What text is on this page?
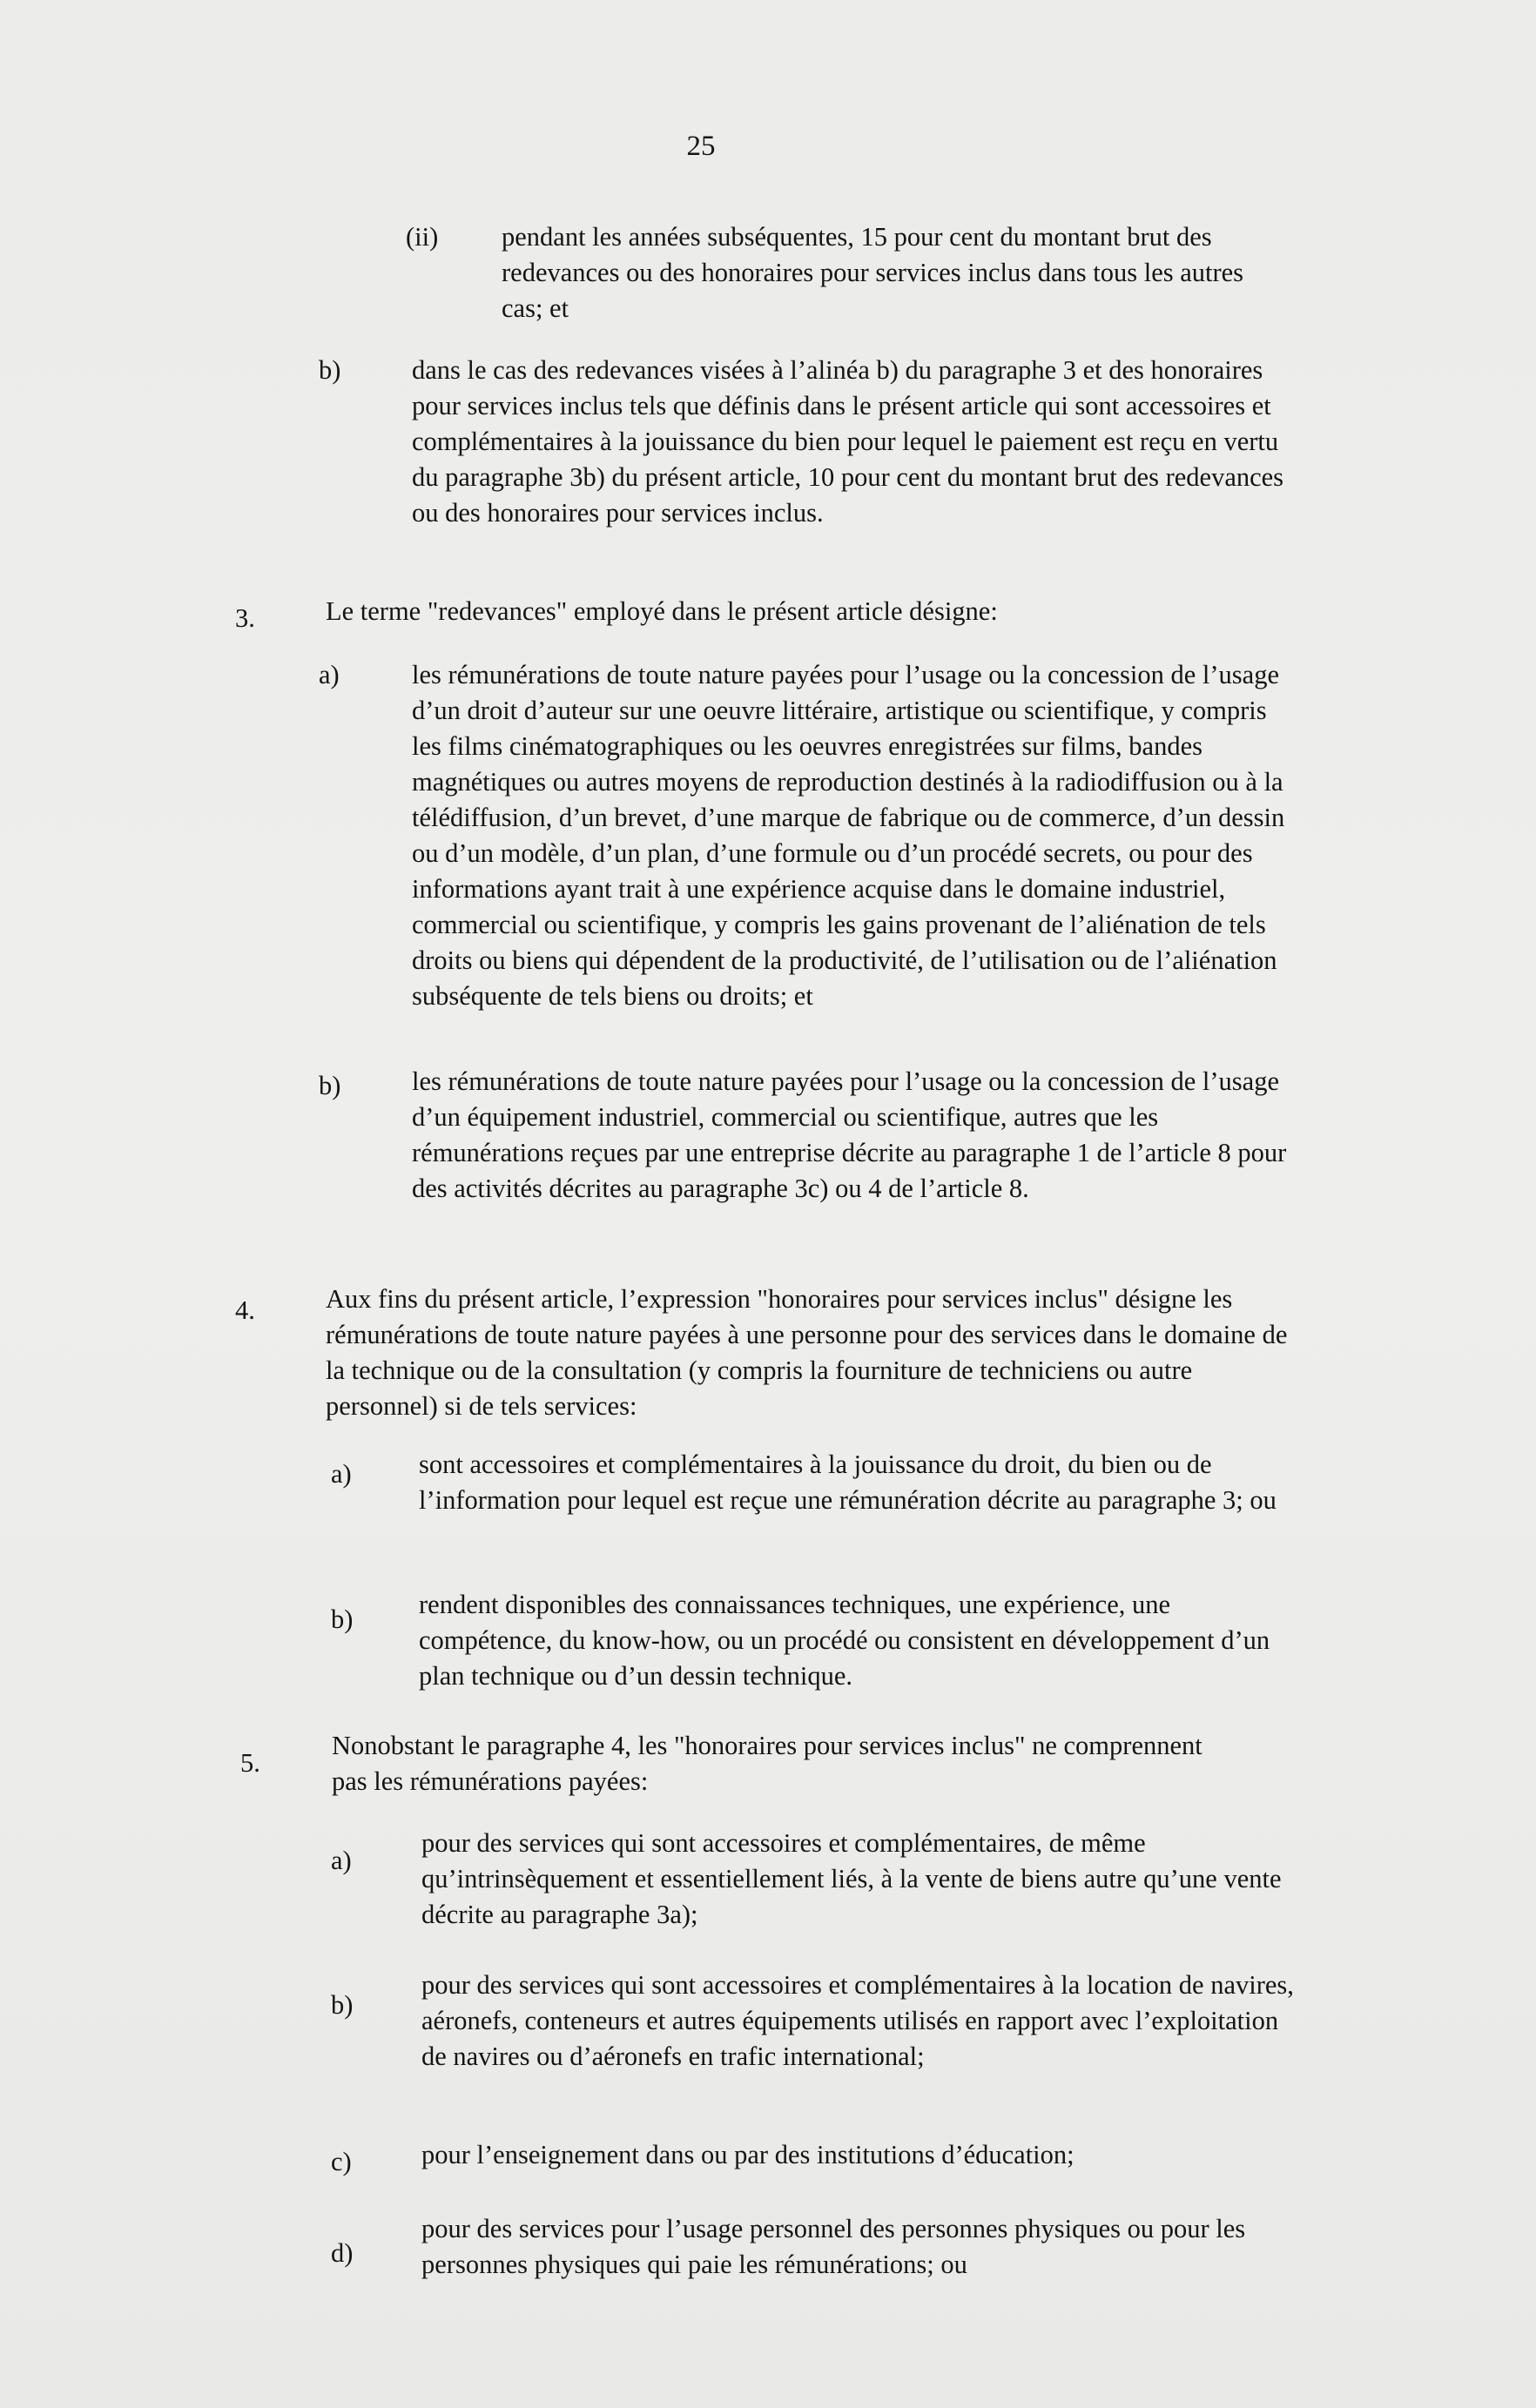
25
(ii) pendant les années subséquentes, 15 pour cent du montant brut des redevances ou des honoraires pour services inclus dans tous les autres cas; et
b)	dans le cas des redevances visées à l’alinéa b) du paragraphe 3 et des honoraires pour services inclus tels que définis dans le présent article qui sont accessoires et complémentaires à la jouissance du bien pour lequel le paiement est reçu en vertu du paragraphe 3b) du présent article, 10 pour cent du montant brut des redevances ou des honoraires pour services inclus.
3.	Le terme "redevances" employé dans le présent article désigne:
a)	les rémunérations de toute nature payées pour l’usage ou la concession de l’usage d’un droit d’auteur sur une oeuvre littéraire, artistique ou scientifique, y compris les films cinématographiques ou les oeuvres enregistrées sur films, bandes magnétiques ou autres moyens de reproduction destinés à la radiodiffusion ou à la télédiffusion, d’un brevet, d’une marque de fabrique ou de commerce, d’un dessin ou d’un modèle, d’un plan, d’une formule ou d’un procédé secrets, ou pour des informations ayant trait à une expérience acquise dans le domaine industriel, commercial ou scientifique, y compris les gains provenant de l’aliénation de tels droits ou biens qui dépendent de la productivité, de l’utilisation ou de l’aliénation subséquente de tels biens ou droits; et
b)	les rémunérations de toute nature payées pour l’usage ou la concession de l’usage d’un équipement industriel, commercial ou scientifique, autres que les rémunérations reçues par une entreprise décrite au paragraphe 1 de l’article 8 pour des activités décrites au paragraphe 3c) ou 4 de l’article 8.
4.	Aux fins du présent article, l’expression "honoraires pour services inclus" désigne les rémunérations de toute nature payées à une personne pour des services dans le domaine de la technique ou de la consultation (y compris la fourniture de techniciens ou autre personnel) si de tels services:
a)	sont accessoires et complémentaires à la jouissance du droit, du bien ou de l’information pour lequel est reçue une rémunération décrite au paragraphe 3; ou
b) rendent disponibles des connaissances techniques, une expérience, une compétence, du know-how, ou un procédé ou consistent en développement d’un plan technique ou d’un dessin technique.
5.
Nonobstant le paragraphe 4, les "honoraires pour services inclus" ne comprennent pas les rémunérations payées:
a)
pour des services qui sont accessoires et complémentaires, de même qu’intrinsèquement et essentiellement liés, à la vente de biens autre qu’une vente décrite au paragraphe 3a);
b)
pour des services qui sont accessoires et complémentaires à la location de navires, aéronefs, conteneurs et autres équipements utilisés en rapport avec l’exploitation de navires ou d’aéronefs en trafic international;
c)	pour l’enseignement dans ou par des institutions d’éducation;
d)
pour des services pour l’usage personnel des personnes physiques ou pour les personnes physiques qui paie les rémunérations; ou
